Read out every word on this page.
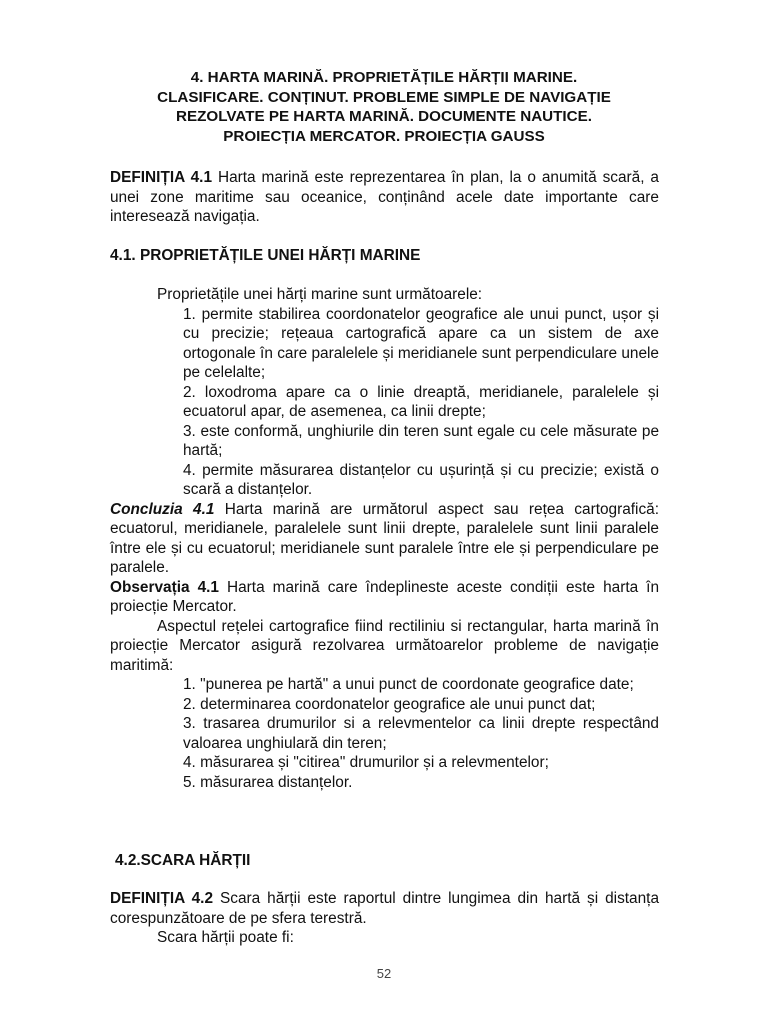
4. HARTA MARINĂ. PROPRIETĂȚILE HĂRȚII MARINE.
CLASIFICARE. CONȚINUT. PROBLEME SIMPLE DE NAVIGAȚIE
REZOLVATE PE HARTA MARINĂ. DOCUMENTE NAUTICE.
PROIECȚIA MERCATOR. PROIECȚIA GAUSS

DEFINIȚIA 4.1 Harta marină este reprezentarea în plan, la o anumită scară, a unei zone maritime sau oceanice, conținând acele date importante care interesează navigația.

4.1. PROPRIETĂȚILE UNEI HĂRȚI MARINE

Proprietățile unei hărți marine sunt următoarele:

1. permite stabilirea coordonatelor geografice ale unui punct, ușor și cu precizie; rețeaua cartografică apare ca un sistem de axe ortogonale în care paralelele și meridianele sunt perpendiculare unele pe celelalte;

2. loxodroma apare ca o linie dreaptă, meridianele, paralelele și ecuatorul apar, de asemenea, ca linii drepte;

3. este conformă, unghiurile din teren sunt egale cu cele măsurate pe hartă;

4. permite măsurarea distanțelor cu ușurință și cu precizie; există o scară a distanțelor.

Concluzia 4.1 Harta marină are următorul aspect sau rețea cartografică: ecuatorul, meridianele, paralelele sunt linii drepte, paralelele sunt linii paralele între ele și cu ecuatorul; meridianele sunt paralele între ele și perpendiculare pe paralele.

Observația 4.1 Harta marină care îndeplineste aceste condiții este harta în proiecție Mercator.

Aspectul rețelei cartografice fiind rectiliniu si rectangular, harta marină în proiecție Mercator asigură rezolvarea următoarelor probleme de navigație maritimă:

1. "punerea pe hartă" a unui punct de coordonate geografice date;

2. determinarea coordonatelor geografice ale unui punct dat;

3. trasarea drumurilor si a relevmentelor ca linii drepte respectând valoarea unghiulară din teren;

4. măsurarea și "citirea" drumurilor și a relevmentelor;

5. măsurarea distanțelor.

4.2.SCARA HĂRȚII

DEFINIȚIA 4.2 Scara hărții este raportul dintre lungimea din hartă și distanța corespunzătoare de pe sfera terestră.

Scara hărții poate fi:

52
